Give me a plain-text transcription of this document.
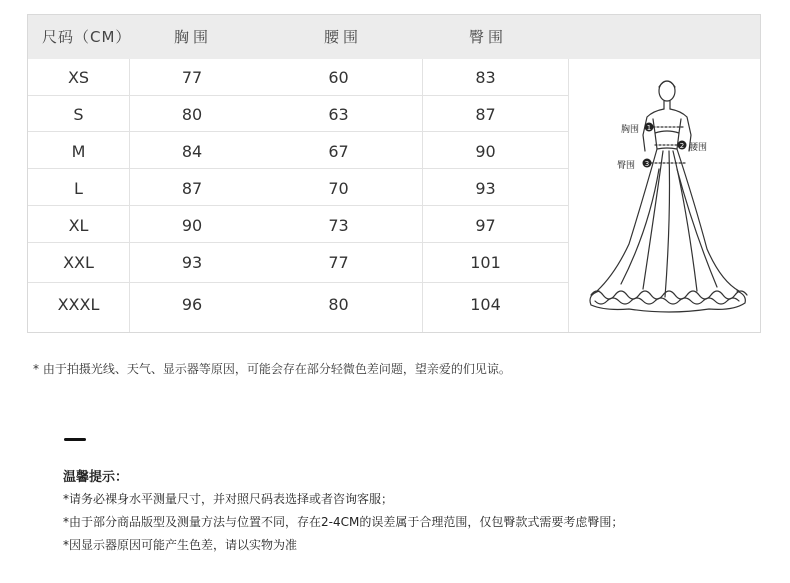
尺码（CM）	胸围	腰围	臀围
XS	77	60	83
S	80	63	87
M	84	67	90
L	87	70	93
XL	90	73	97
XXL	93	77	101
XXXL	96	80	104
1
2
3
胸围
腰围
臀围
* 由于拍摄光线、天气、显示器等原因，可能会存在部分轻微色差问题，望亲爱的们见谅。
温馨提示：
*请务必裸身水平测量尺寸，并对照尺码表选择或者咨询客服；
*由于部分商品版型及测量方法与位置不同，存在2-4CM的误差属于合理范围，仅包臀款式需要考虑臀围；
*因显示器原因可能产生色差，请以实物为准
